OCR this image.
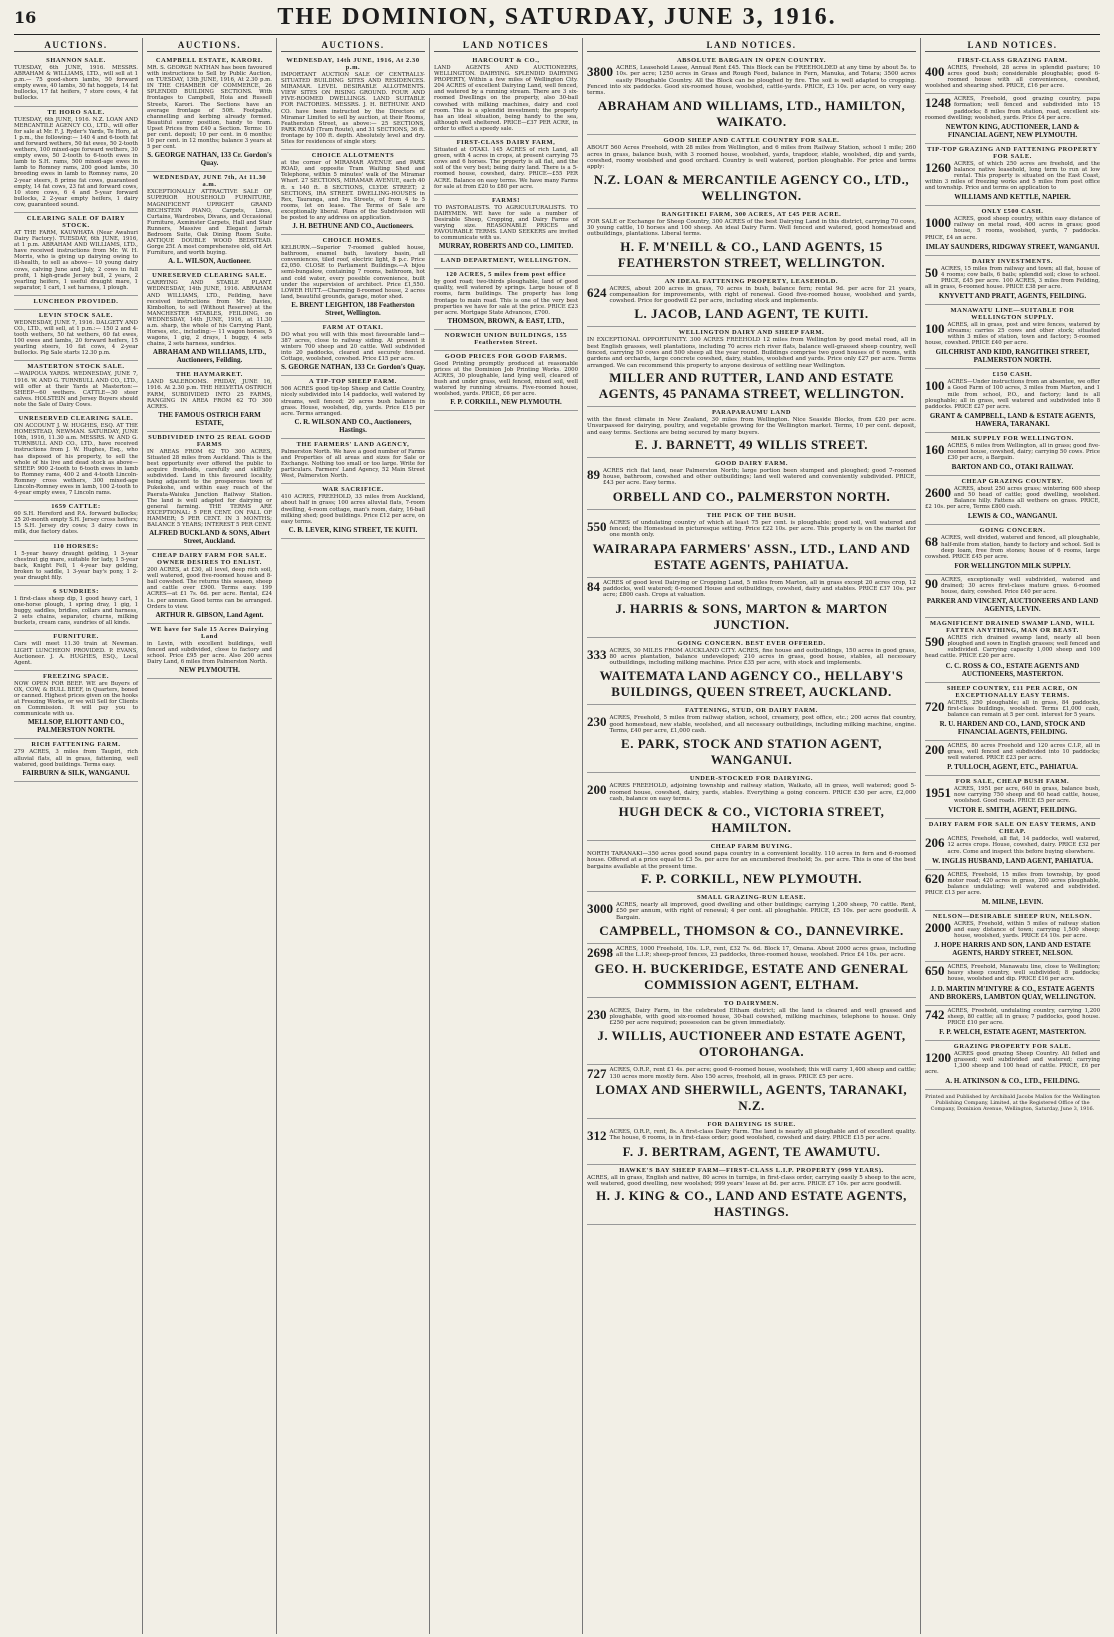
16	THE DOMINION, SATURDAY, JUNE 3, 1916.
AUCTIONS.
SHANNON SALE.

TUESDAY, 6th JUNE, 1916. MESSRS. ABRAHAM & WILLIAMS, LTD., will sell at 1 p.m.— 75 good-shorn lambs, 50 forward empty ewes, 40 lambs, 30 fat hoggets, 14 fat bullocks, 17 fat heifers, 7 store cows, 4 fat bullocks.

TE HORO SALE.

TUESDAY, 6th JUNE, 1916. N.Z. LOAN AND MERCANTILE AGENCY CO., LTD., will offer for sale at Mr. F. J. Ryder's Yards, Te Horo, at 1 p.m., the following:— 140 4 and 6-tooth fat and forward wethers, 50 fat ewes, 50 2-tooth wethers, 100 mixed-age forward wethers, 30 empty ewes, 50 2-tooth to 6-tooth ewes in lamb to S.H. rams, 500 mixed-age ewes in lamb to Romney rams, 200 good lambs, 30 breeding ewes in lamb to Romney rams, 20 2-year steers, 8 prime fat cows, guaranteed empty, 14 fat cows, 23 fat and forward cows, 10 store cows, 6 4 and 5-year forward bullocks, 2 2-year empty heifers, 1 dairy cow, guaranteed sound.

CLEARING SALE OF DAIRY STOCK.

AT THE FARM, KAUWHATA (Near Awahuri Dairy Factory). TUESDAY, 6th JUNE, 1916, at 1 p.m. ABRAHAM AND WILLIAMS, LTD., have received instructions from Mr. W. H. Morris, who is giving up dairying owing to ill-health, to sell as above— 10 young dairy cows, calving June and July, 2 cows in full profit, 1 high-grade Jersey bull, 2 years, 2 yearling heifers, 1 useful draught mare, 1 separator, 1 cart, 1 set harness, 1 plough.

LUNCHEON PROVIDED.
LEVIN STOCK SALE.

WEDNESDAY, JUNE 7, 1916. DALGETY AND CO., LTD., will sell, at 1 p.m.:— 150 2 and 4-tooth wethers, 50 fat wethers, 60 fat ewes, 100 ewes and lambs, 20 forward heifers, 15 yearling steers, 10 fat cows, 4 2-year bullocks. Pig Sale starts 12.30 p.m.

MASTERTON STOCK SALE.

—WAIPOUA YARDS. WEDNESDAY, JUNE 7, 1916. W. AND G. TURNBULL AND CO., LTD., will offer at their Yards at Masterton:— SHEEP—60 wethers. CATTLE—30 steer calves. HOLSTEIN and Jersey Buyers should note the Sale of Dairy Cows.

UNRESERVED CLEARING SALE.

ON ACCOUNT J. W. HUGHES, ESQ. AT THE HOMESTEAD, NEWMAN. SATURDAY, JUNE 10th, 1916, 11.30 a.m. MESSRS. W. AND G. TURNBULL AND CO., LTD., have received instructions from J. W. Hughes, Esq., who has disposed of his property, to sell the whole of his live and dead stock as above— SHEEP: 900 2-tooth to 6-tooth ewes in lamb to Romney rams, 400 2 and 4-tooth Lincoln-Romney cross wethers, 300 mixed-age Lincoln-Romney ewes in lamb, 100 2-tooth to 4-year empty ewes, 7 Lincoln rams.

1659 CATTLE:

60 S.H. Hereford and P.A. forward bullocks; 25 20-month empty S.H. Jersey cross heifers; 15 S.H. Jersey dry cows; 3 dairy cows in milk, due factory dates.

110 HORSES:

1 5-year heavy draught gelding, 1 3-year chestnut gig mare, suitable for lady, 1 5-year back, Knight Fell, 1 4-year bay gelding, broken to saddle, 1 3-year bay's pony, 1 2-year draught filly.

6 SUNDRIES:

1 first-class sheep dip, 1 good heavy cart, 1 one-horse plough, 1 spring dray, 1 gig, 1 buggy, saddles, bridles, collars and harness, 2 sets chains, separator, churns, milking buckets, cream cans, sundries of all kinds.

FURNITURE.

Cars will meet 11.30 train at Newman. LIGHT LUNCHEON PROVIDED. P. EVANS, Auctioneer. J. A. HUGHES, ESQ., Local Agent.

FREEZING SPACE.

NOW OPEN FOR BEEF. WE are Buyers of OX, COW, & BULL BEEF, in Quarters, boned or canned. Highest prices given on the hooks at Freezing Works, or we will Sell for Clients on Commission. It will pay you to communicate with us.

MELLSOP, ELIOTT AND CO., PALMERSTON NORTH.
RICH FATTENING FARM.

279 ACRES, 3 miles from Taupiri, rich alluvial flats, all in grass, fattening, well watered, good buildings. Terms easy.

FAIRBURN & SILK, WANGANUI.
AUCTIONS.
CAMPBELL ESTATE, KARORI.

MR. S. GEORGE NATHAN has been favoured with instructions to Sell by Public Auction, on TUESDAY, 13th JUNE, 1916, At 2.30 p.m. IN THE CHAMBER OF COMMERCE, 26 SPLENDID BUILDING SECTIONS. With frontages to Campbell, Hoia and Russell Streets, Karori. The Sections have an average frontage of 50ft. Footpaths, channelling and kerbing already formed. Beautiful sunny position, handy to tram. Upset Prices from £40 a Section. Terms: 10 per cent. deposit; 10 per cent. in 6 months; 10 per cent. in 12 months; balance 3 years at 5 per cent.

S. GEORGE NATHAN, 133 Cr. Gordon's Quay.
WEDNESDAY, JUNE 7th, At 11.30 a.m.

EXCEPTIONALLY ATTRACTIVE SALE OF SUPERIOR HOUSEHOLD FURNITURE, MAGNIFICENT UPRIGHT GRAND BECHSTEIN PIANO, Carpets, Linos, Curtains, Wardrobes, Divans, and Occasional Furniture, Axminster Carpets, Hall and Stair Runners, Massive and Elegant Jarrah Bedroom Suite, Oak Dining Room Suite. ANTIQUE DOUBLE WOOD BEDSTEAD. Gorge 25f. A most comprehensive old, old Art Furniture, and worth buying.

A. L. WILSON, Auctioneer.
UNRESERVED CLEARING SALE.

CARRYING AND STABLE PLANT. WEDNESDAY, 14th JUNE, 1916. ABRAHAM AND WILLIAMS, LTD., Feilding, have received instructions from Mr. Davies, Kimbolton, to sell (Without Reserve) at the MANCHESTER STABLES, FEILDING, on WEDNESDAY, 14th JUNE, 1916, at 11.30 a.m. sharp, the whole of his Carrying Plant, Horses, etc., including:— 11 wagon horses, 5 wagons, 1 gig, 2 drays, 1 buggy, 4 sets chains, 2 sets harness, sundries.

ABRAHAM AND WILLIAMS, LTD., Auctioneers, Feilding.
THE HAYMARKET.

LAND SALEROOMS. FRIDAY, JUNE 16, 1916. At 2.30 p.m. THE HELVETIA OSTRICH FARM, SUBDIVIDED INTO 25 FARMS, RANGING IN AREA FROM 62 TO 300 ACRES.

THE FAMOUS OSTRICH FARM ESTATE,
SUBDIVIDED INTO 25 REAL GOOD FARMS

IN AREAS FROM 62 TO 300 ACRES, Situated 28 miles from Auckland. This is the best opportunity ever offered the public to acquire freeholds, carefully and skilfully subdivided. Land in this favoured locality, being adjacent to the prosperous town of Pukekohe, and within easy reach of the Paerata-Waiuku Junction Railway Station. The land is well adapted for dairying or general farming. THE TERMS ARE EXCEPTIONAL: 5 PER CENT. ON FALL OF HAMMER; 5 PER CENT. IN 3 MONTHS; BALANCE 5 YEARS; INTEREST 5 PER CENT.

ALFRED BUCKLAND & SONS, Albert Street, Auckland.
CHEAP DAIRY FARM FOR SALE. OWNER DESIRES TO ENLIST.

200 ACRES, at £30, all level, deep rich soil, well watered, good five-roomed house and 8-bail cowshed. The returns this season, sheep and cattle over £900. Terms easy. 199 ACRES—at £1 7s. 6d. per acre. Rental, £24 1s. per annum. Good terms can be arranged. Orders to view.

ARTHUR R. GIBSON, Land Agent.
WE have for Sale 15 Acres Dairying Land

in Levin, with excellent buildings, well fenced and subdivided, close to factory and school. Price £95 per acre. Also 200 acres Dairy Land, 6 miles from Palmerston North.

NEW PLYMOUTH.
AUCTIONS.
WEDNESDAY, 14th JUNE, 1916, At 2.30 p.m.

IMPORTANT AUCTION SALE OF CENTRALLY-SITUATED BUILDING SITES AND RESIDENCES. MIRAMAR. LEVEL DESIRABLE ALLOTMENTS. VIEW SITES ON RISING GROUND. FOUR AND FIVE-ROOMED DWELLINGS. LAND SUITABLE FOR FACTORIES. MESSRS. J. H. BETHUNE AND CO. have been instructed by the Directors of Miramar Limited to sell by auction, at their Rooms, Featherston Street, as above:— 25 SECTIONS, PARK ROAD (Tram Route), and 31 SECTIONS, 36 ft. frontage by 100 ft. depth. Absolutely level and dry. Sites for residences of single story.

CHOICE ALLOTMENTS

at the corner of MIRAMAR AVENUE and PARK ROAD, and opposite Tram Waiting Shed and Telephone, within 5 minutes' walk of the Miramar Wharf. 27 SECTIONS, MIRAMAR AVENUE, each 40 ft. x 140 ft. 8 SECTIONS, CLYDE STREET; 2 SECTIONS, IRA STREET. DWELLING-HOUSES in Rex, Tauranga, and Ira Streets, of from 4 to 5 rooms, let on lease. The Terms of Sale are exceptionally liberal. Plans of the Subdivision will be posted to any address on application.

J. H. BETHUNE AND CO., Auctioneers.
CHOICE HOMES.

KELBURN.—Superior 7-roomed gabled house, bathroom, enamel bath, lavatory basin, all conveniences, tiled roof, electric light, 8 p.c. Price £2,050. CLOSE to Parliament Buildings.—A bijou semi-bungalow, containing 7 rooms, bathroom, hot and cold water, every possible convenience, built under the supervision of architect. Price £1,550. LOWER HUTT.—Charming 8-roomed house, 2 acres land, beautiful grounds, garage, motor shed.

E. BRENT LEIGHTON, 188 Featherston Street, Wellington.
FARM AT OTAKI.

DO what you will with this most favourable land—387 acres, close to railway siding. At present it winters 700 sheep and 20 cattle. Well subdivided into 20 paddocks, cleared and securely fenced. Cottage, woolshed, cowshed. Price £15 per acre.

S. GEORGE NATHAN, 133 Cr. Gordon's Quay.
A TIP-TOP SHEEP FARM.

506 ACRES good tip-top Sheep and Cattle Country, nicely subdivided into 14 paddocks, well watered by streams, well fenced; 20 acres bush balance in grass. House, woolshed, dip, yards. Price £15 per acre. Terms arranged.

C. R. WILSON AND CO., Auctioneers, Hastings.
THE FARMERS' LAND AGENCY,

Palmerston North. We have a good number of Farms and Properties of all areas and sizes for Sale or Exchange. Nothing too small or too large. Write for particulars. Farmers' Land Agency, 52 Main Street West, Palmerston North.

WAR SACRIFICE.

410 ACRES, FREEHOLD, 33 miles from Auckland, about half in grass; 100 acres alluvial flats, 7-room dwelling, 4-room cottage, man's room, dairy, 16-bail milking shed; good buildings. Price £12 per acre, on easy terms.

C. B. LEVER, KING STREET, TE KUITI.
LAND NOTICES
HARCOURT & CO.,

LAND AGENTS AND AUCTIONEERS, WELLINGTON. DAIRYING. SPLENDID DAIRYING PROPERTY, Within a few miles of Wellington City. 204 ACRES of excellent Dairying Land, well fenced, and watered by a running stream. There are 3 six-roomed Dwellings on the property, also 30-bail cowshed with milking machines, dairy and cool room. This is a splendid investment; the property has an ideal situation, being handy to the sea, although well sheltered. PRICE—£37 PER ACRE, in order to effect a speedy sale.

FIRST-CLASS DAIRY FARM,

Situated at OTAKI. 145 ACRES of rich Land, all green, with 4 acres in crops, at present carrying 75 cows and 6 horses. The property is all flat, and the soil of the very best; being dairy land. There is a 5-roomed house, cowshed, dairy. PRICE—£55 PER ACRE. Balance on easy terms. We have many Farms for sale at from £20 to £80 per acre.

FARMS!

TO PASTORALISTS. TO AGRICULTURALISTS. TO DAIRYMEN. WE have for sale a number of Desirable Sheep, Cropping, and Dairy Farms of varying size. REASONABLE PRICES and FAVOURABLE TERMS. LAND SEEKERS are invited to communicate with us.

MURRAY, ROBERTS AND CO., LIMITED.
LAND DEPARTMENT, WELLINGTON.
120 ACRES, 5 miles from post office

by good road; two-thirds ploughable, land of good quality, well watered by springs. Large house of 8 rooms, farm buildings. The property has long frontage to main road. This is one of the very best properties we have for sale at the price. PRICE £23 per acre. Mortgage State Advances, £700.

THOMSON, BROWN, & EAST, LTD.,
NORWICH UNION BUILDINGS, 155 Featherston Street.
GOOD PRICES FOR GOOD FARMS.

Good Printing promptly produced at reasonable prices at the Dominion Job Printing Works. 2000 ACRES, 30 ploughable, land lying well, cleared of bush and under grass, well fenced, mixed soil, well watered by running streams. Five-roomed house, woolshed, yards. PRICE, £6 per acre.

F. P. CORKILL, NEW PLYMOUTH.
LAND NOTICES.
ABSOLUTE BARGAIN IN OPEN COUNTRY.
3800 ACRES, Leasehold Lease, Annual Rent £45. This Block can be FREEHOLDED at any time by about 5s. to 10s. per acre; 1250 acres in Grass and Rough Feed, balance in Fern, Manuka, and Totara; 3500 acres easily Ploughable Country. All the Block can be ploughed by fire. The soil is well adapted to cropping. Fenced into six paddocks. Good six-roomed house, woolshed, cattle-yards. PRICE, £3 10s. per acre, on very easy terms.

ABRAHAM AND WILLIAMS, LTD., HAMILTON, WAIKATO.
GOOD SHEEP AND CATTLE COUNTRY FOR SALE.

ABOUT 560 Acres Freehold, with 28 miles from Wellington, and 6 miles from Railway Station, school 1 mile; 260 acres in grass, balance bush, with 3 roomed house, woolshed, yards, trapdoor, stable, woolshed, dip and yards, cowshed, roomy woolshed and good orchard. Country is well watered, portion ploughable. For price and terms apply:

N.Z. LOAN & MERCANTILE AGENCY CO., LTD., WELLINGTON.
RANGITIKEI FARM, 300 ACRES, AT £45 PER ACRE.

FOR SALE or Exchange for Sheep Country, 300 ACRES of the best Dairying Land in this district, carrying 70 cows, 30 young cattle, 10 horses and 100 sheep. An ideal Dairy Farm. Well fenced and watered, good homestead and outbuildings, plantations. Liberal terms.

H. F. M'NEILL & CO., LAND AGENTS, 15 FEATHERSTON STREET, WELLINGTON.
AN IDEAL FATTENING PROPERTY, LEASEHOLD.
624 ACRES, about 200 acres in grass, 70 acres in bush, balance fern; rental 9d. per acre for 21 years, compensation for improvements, with right of renewal. Good five-roomed house, woolshed and yards, cowshed. Price for goodwill £2 per acre, including stock and implements.

L. JACOB, LAND AGENT, TE KUITI.
WELLINGTON DAIRY AND SHEEP FARM.

IN EXCEPTIONAL OPPORTUNITY. 300 ACRES FREEHOLD 12 miles from Wellington by good metal road, all in best English grasses, well plantations, including 70 acres rich river flats, balance well-grassed sheep country, well fenced, carrying 50 cows and 500 sheep all the year round. Buildings comprise two good houses of 6 rooms, with gardens and orchards, large concrete cowshed, dairy, stables, woolshed and yards. Price only £27 per acre. Terms arranged. We can recommend this property to anyone desirous of settling near Wellington.

MILLER AND RUTTER, LAND AND ESTATE AGENTS, 45 PANAMA STREET, WELLINGTON.
PARAPARAUMU LAND

with the finest climate in New Zealand, 30 miles from Wellington. Nice Seaside Blocks, from £20 per acre. Unsurpassed for dairying, poultry, and vegetable growing for the Wellington market. Terms, 10 per cent. deposit, and easy terms. Sections are being secured by many buyers.

E. J. BARNETT, 49 WILLIS STREET.
GOOD DAIRY FARM.
89 ACRES rich flat land, near Palmerston North; large portion been stumped and ploughed; good 7-roomed house, bathroom, cowshed and other outbuildings; land well watered and conveniently subdivided. PRICE, £43 per acre. Easy terms.

ORBELL AND CO., PALMERSTON NORTH.
THE PICK OF THE BUSH.
550 ACRES of undulating country of which at least 75 per cent. is ploughable; good soil, well watered and fenced; the Homestead in picturesque setting. Price £22 10s. per acre. This property is on the market for one month only.

WAIRARAPA FARMERS' ASSN., LTD., LAND AND ESTATE AGENTS, PAHIATUA.
84 ACRES of good level Dairying or Cropping Land, 5 miles from Marton, all in grass except 20 acres crop, 12 paddocks, well watered; 6-roomed House and outbuildings, cowshed, dairy and stables. PRICE £37 10s. per acre; £800 cash. Crops at valuation.

J. HARRIS & SONS, MARTON & MARTON JUNCTION.
GOING CONCERN. BEST EVER OFFERED.
333 ACRES, 30 MILES FROM AUCKLAND CITY. ACRES, fine house and outbuildings, 150 acres in good grass, 80 acres plantation, balance undeveloped; 210 acres in grass, good house, stables, all necessary outbuildings, including milking machine. Price £35 per acre, with stock and implements.

WAITEMATA LAND AGENCY CO., HELLABY'S BUILDINGS, QUEEN STREET, AUCKLAND.
FATTENING, STUD, OR DAIRY FARM.
230 ACRES, Freehold, 5 miles from railway station, school, creamery, post office, etc.; 200 acres flat country, good homestead, new stable, woolshed, and all necessary outbuildings, including milking machine, engine. Terms, £40 per acre, £1,000 cash.

E. PARK, STOCK AND STATION AGENT, WANGANUI.
UNDER-STOCKED FOR DAIRYING.
200 ACRES FREEHOLD, adjoining township and railway station, Waikato, all in grass, well watered; good 5-roomed house, cowshed, dairy, yards, stables. Everything a going concern. PRICE £30 per acre, £2,000 cash, balance on easy terms.

HUGH DECK & CO., VICTORIA STREET, HAMILTON.
CHEAP FARM BUYING.

NORTH TARANAKI—350 acres good sound papa country in a convenient locality. 110 acres in fern and 6-roomed house. Offered at a price equal to £3 5s. per acre for an encumbered freehold; 5s. per acre. This is one of the best bargains available at the present time.

F. P. CORKILL, NEW PLYMOUTH.
SMALL GRAZING-RUN LEASE.
3000 ACRES, nearly all improved, good dwelling and other buildings; carrying 1,200 sheep, 70 cattle. Rent, £50 per annum, with right of renewal; 4 per cent. all ploughable. PRICE, £5 10s. per acre goodwill. A Bargain.

CAMPBELL, THOMSON & CO., DANNEVIRKE.
2698 ACRES, 1000 Freehold, 10s. L.P., rent, £32 7s. 6d. Block 17, Omana. About 2000 acres grass, including all the L.I.P.; sheep-proof fences, 23 paddocks, three-roomed house, woolshed. Price £4 10s. per acre.

GEO. H. BUCKERIDGE, ESTATE AND GENERAL COMMISSION AGENT, ELTHAM.
TO DAIRYMEN.
230 ACRES, Dairy Farm, in the celebrated Eltham district; all the land is cleared and well grassed and ploughable, with good six-roomed house, 30-bail cowshed, milking machines, telephone to house. Only £250 per acre required; possession can be given immediately.

J. WILLIS, AUCTIONEER AND ESTATE AGENT, OTOROHANGA.
727 ACRES, O.R.P., rent £1 4s. per acre; good 6-roomed house, woolshed; this will carry 1,400 sheep and cattle; 130 acres more mostly fern. Also 150 acres, freehold, all in grass. PRICE £5 per acre.

LOMAX AND SHERWILL, AGENTS, TARANAKI, N.Z.
FOR DAIRYING IS SURE.
312 ACRES, O.R.P., rent, 8s. A first-class Dairy Farm. The land is nearly all ploughable and of excellent quality. The house, 6 rooms, is in first-class order; good woolshed, cowshed and dairy. PRICE £15 per acre.

F. J. BERTRAM, AGENT, TE AWAMUTU.
HAWKE'S BAY SHEEP FARM—FIRST-CLASS L.I.P. PROPERTY (999 YEARS).

ACRES, all in grass, English and native, 80 acres in turnips, in first-class order, carrying easily 5 sheep to the acre, well watered, good dwelling, new woolshed; 999 years' lease at 8d. per acre. PRICE £7 10s. per acre goodwill.

H. J. KING & CO., LAND AND ESTATE AGENTS, HASTINGS.
LAND NOTICES.
FIRST-CLASS GRAZING FARM.
400 ACRES, Freehold, 28 acres in splendid pasture; 10 acres good bush; considerable ploughable; good 6-roomed house with all conveniences, cowshed, woolshed and shearing shed. PRICE, £16 per acre.

1248 ACRES, Freehold, good grazing country, papa formation; well fenced and subdivided into 15 paddocks; 8 miles from station, road, excellent six-roomed dwelling; woolshed, yards. Price £4 per acre.

NEWTON KING, AUCTIONEER, LAND & FINANCIAL AGENT, NEW PLYMOUTH.
TIP-TOP GRAZING AND FATTENING PROPERTY FOR SALE.
1260 ACRES, of which 250 acres are freehold, and the balance native leasehold, long term to run at low rental. This property is situated on the East Coast, within 3 miles of freezing works and 5 miles from post office and township. Price and terms on application to

WILLIAMS AND KETTLE, NAPIER.
ONLY £500 CASH.
1000 ACRES, good sheep country, within easy distance of railway on metal road, 400 acres in grass; good house, 5 rooms, woolshed, yards, 7 paddocks. PRICE, £4 an acre.

IMLAY SAUNDERS, RIDGWAY STREET, WANGANUI.
DAIRY INVESTMENTS.
50 ACRES, 15 miles from railway and town; all flat, house of 4 rooms; cow bails, 6 bails; splendid soil; close to school. PRICE, £45 per acre. 100 ACRES, 3 miles from Feilding, all in grass, 6-roomed house. PRICE £38 per acre.

KNYVETT AND PRATT, AGENTS, FEILDING.
MANAWATU LINE—SUITABLE FOR WELLINGTON SUPPLY.
100 ACRES, all in grass, post and wire fences, watered by streams; carries 25 cows and other stock; situated within 3 miles of station, town and factory; 5-roomed house, cowshed. PRICE £40 per acre.

GILCHRIST AND KIDD, RANGITIKEI STREET, PALMERSTON NORTH.
£150 CASH.
100 ACRES—Under instructions from an absentee, we offer a Good Farm of 100 acres, 3 miles from Marton, and 1 mile from school, P.O., and factory; land is all ploughable; all in grass, well watered and subdivided into 8 paddocks. PRICE £27 per acre.

GRANT & CAMPBELL, LAND & ESTATE AGENTS, HAWERA, TARANAKI.
MILK SUPPLY FOR WELLINGTON.
160 ACRES, 6 miles from Wellington, all in grass; good five-roomed house, cowshed, dairy; carrying 50 cows. Price £30 per acre, a Bargain.

BARTON AND CO., OTAKI RAILWAY.
CHEAP GRAZING COUNTRY.
2600 ACRES, about 250 acres grass; wintering 600 sheep and 50 head of cattle; good dwelling, woolshed. Balance hilly. Fattens all wethers on grass. PRICE, £2 10s. per acre, Terms £800 cash.

LEWIS & CO., WANGANUI.
GOING CONCERN.
68 ACRES, well divided, watered and fenced, all ploughable, half-mile from station, handy to factory and school. Soil is deep loam, free from stones; house of 6 rooms, large cowshed. PRICE £45 per acre.

FOR WELLINGTON MILK SUPPLY.
90 ACRES, exceptionally well subdivided, watered and drained; 30 acres first-class mature grass. 6-roomed house, dairy, cowshed. Price £40 per acre.

PARKER AND VINCENT, AUCTIONEERS AND LAND AGENTS, LEVIN.
MAGNIFICENT DRAINED SWAMP LAND, WILL FATTEN ANYTHING, MAN OR BEAST.
590 ACRES rich drained swamp land, nearly all been ploughed and sown in English grasses; well fenced and subdivided. Carrying capacity 1,000 sheep and 100 head cattle. PRICE £20 per acre.

C. C. ROSS & CO., ESTATE AGENTS AND AUCTIONEERS, MASTERTON.
SHEEP COUNTRY, £11 PER ACRE, ON EXCEPTIONALLY EASY TERMS.
720 ACRES, 250 ploughable; all in grass, 84 paddocks, first-class buildings, woolshed. Terms £1,000 cash, balance can remain at 5 per cent. interest for 5 years.

R. U. HARDEN AND CO., LAND, STOCK AND FINANCIAL AGENTS, FEILDING.
200 ACRES, 80 acres Freehold and 120 acres C.I.P., all in grass, well fenced and subdivided into 10 paddocks; well watered. PRICE £23 per acre.

P. TULLOCH, AGENT, ETC., PAHIATUA.
FOR SALE, CHEAP BUSH FARM.
1951 ACRES, 1951 per acre, 640 in grass, balance bush, now carrying 750 sheep and 60 head cattle, house, woolshed. Good roads. PRICE £5 per acre.

VICTOR E. SMITH, AGENT, FEILDING.
DAIRY FARM FOR SALE ON EASY TERMS, AND CHEAP.
206 ACRES, Freehold, all flat, 14 paddocks, well watered, 12 acres crops. House, cowshed, dairy. PRICE £32 per acre. Come and inspect this before buying elsewhere.

W. INGLIS HUSBAND, LAND AGENT, PAHIATUA.
620 ACRES, Freehold, 15 miles from township, by good motor road; 420 acres in grass, 200 acres ploughable, balance undulating; well watered and subdivided. PRICE £13 per acre.

M. MILNE, LEVIN.
NELSON—DESIRABLE SHEEP RUN, NELSON.
2000 ACRES, Freehold, within 5 miles of railway station and easy distance of town; carrying 1,500 sheep; house, woolshed, yards. PRICE £4 10s. per acre.

J. HOPE HARRIS AND SON, LAND AND ESTATE AGENTS, HARDY STREET, NELSON.
650 ACRES, Freehold, Manawatu line, close to Wellington; heavy sheep country, well subdivided; 8 paddocks; house, woolshed and dip. PRICE £16 per acre.

J. D. MARTIN M'INTYRE & CO., ESTATE AGENTS AND BROKERS, LAMBTON QUAY, WELLINGTON.
742 ACRES, Freehold, undulating country, carrying 1,200 sheep, 80 cattle; all in grass; 7 paddocks, good house. PRICE £10 per acre.

F. P. WELCH, ESTATE AGENT, MASTERTON.
GRAZING PROPERTY FOR SALE.
1200 ACRES good grazing Sheep Country. All felled and grassed; well subdivided and watered; carrying 1,300 sheep and 100 head of cattle. PRICE, £6 per acre.

A. H. ATKINSON & CO., LTD., FEILDING.
Printed and Published by Archibald Jacobs Mallon for the Wellington Publishing Company, Limited, at the Registered Office of the Company, Dominion Avenue, Wellington, Saturday, June 3, 1916.
